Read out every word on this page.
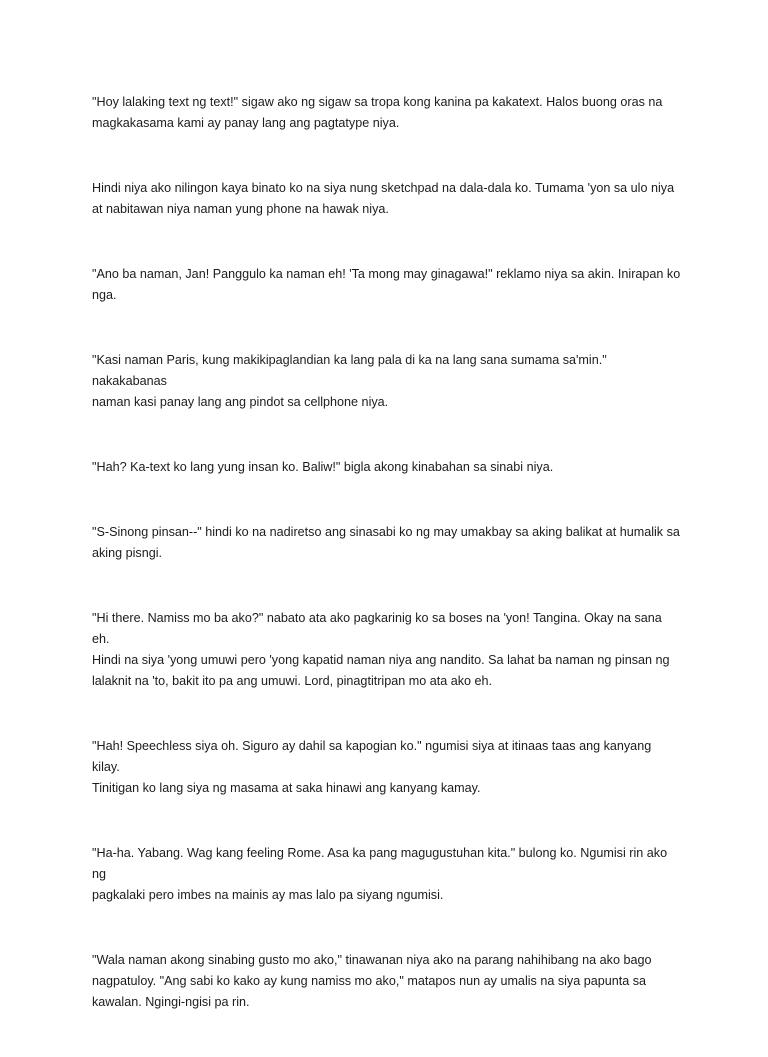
"Hoy lalaking text ng text!" sigaw ako ng sigaw sa tropa kong kanina pa kakatext. Halos buong oras na
magkakasama kami ay panay lang ang pagtatype niya.

Hindi niya ako nilingon kaya binato ko na siya nung sketchpad na dala-dala ko. Tumama 'yon sa ulo niya
at nabitawan niya naman yung phone na hawak niya.

"Ano ba naman, Jan! Panggulo ka naman eh! 'Ta mong may ginagawa!" reklamo niya sa akin. Inirapan ko
nga.

"Kasi naman Paris, kung makikipaglandian ka lang pala di ka na lang sana sumama sa'min." nakakabanas
naman kasi panay lang ang pindot sa cellphone niya.

"Hah? Ka-text ko lang yung insan ko. Baliw!" bigla akong kinabahan sa sinabi niya.

"S-Sinong pinsan--" hindi ko na nadiretso ang sinasabi ko ng may umakbay sa aking balikat at humalik sa
aking pisngi.

"Hi there. Namiss mo ba ako?" nabato ata ako pagkarinig ko sa boses na 'yon! Tangina. Okay na sana eh.
Hindi na siya 'yong umuwi pero 'yong kapatid naman niya ang nandito. Sa lahat ba naman ng pinsan ng
lalaknit na 'to, bakit ito pa ang umuwi. Lord, pinagtitripan mo ata ako eh.

"Hah! Speechless siya oh. Siguro ay dahil sa kapogian ko." ngumisi siya at itinaas taas ang kanyang kilay.
Tinitigan ko lang siya ng masama at saka hinawi ang kanyang kamay.

"Ha-ha. Yabang. Wag kang feeling Rome. Asa ka pang magugustuhan kita." bulong ko. Ngumisi rin ako ng
pagkalaki pero imbes na mainis ay mas lalo pa siyang ngumisi.

"Wala naman akong sinabing gusto mo ako," tinawanan niya ako na parang nahihibang na ako bago
nagpatuloy. "Ang sabi ko kako ay kung namiss mo ako," matapos nun ay umalis na siya papunta sa
kawalan. Ngingi-ngisi pa rin.
